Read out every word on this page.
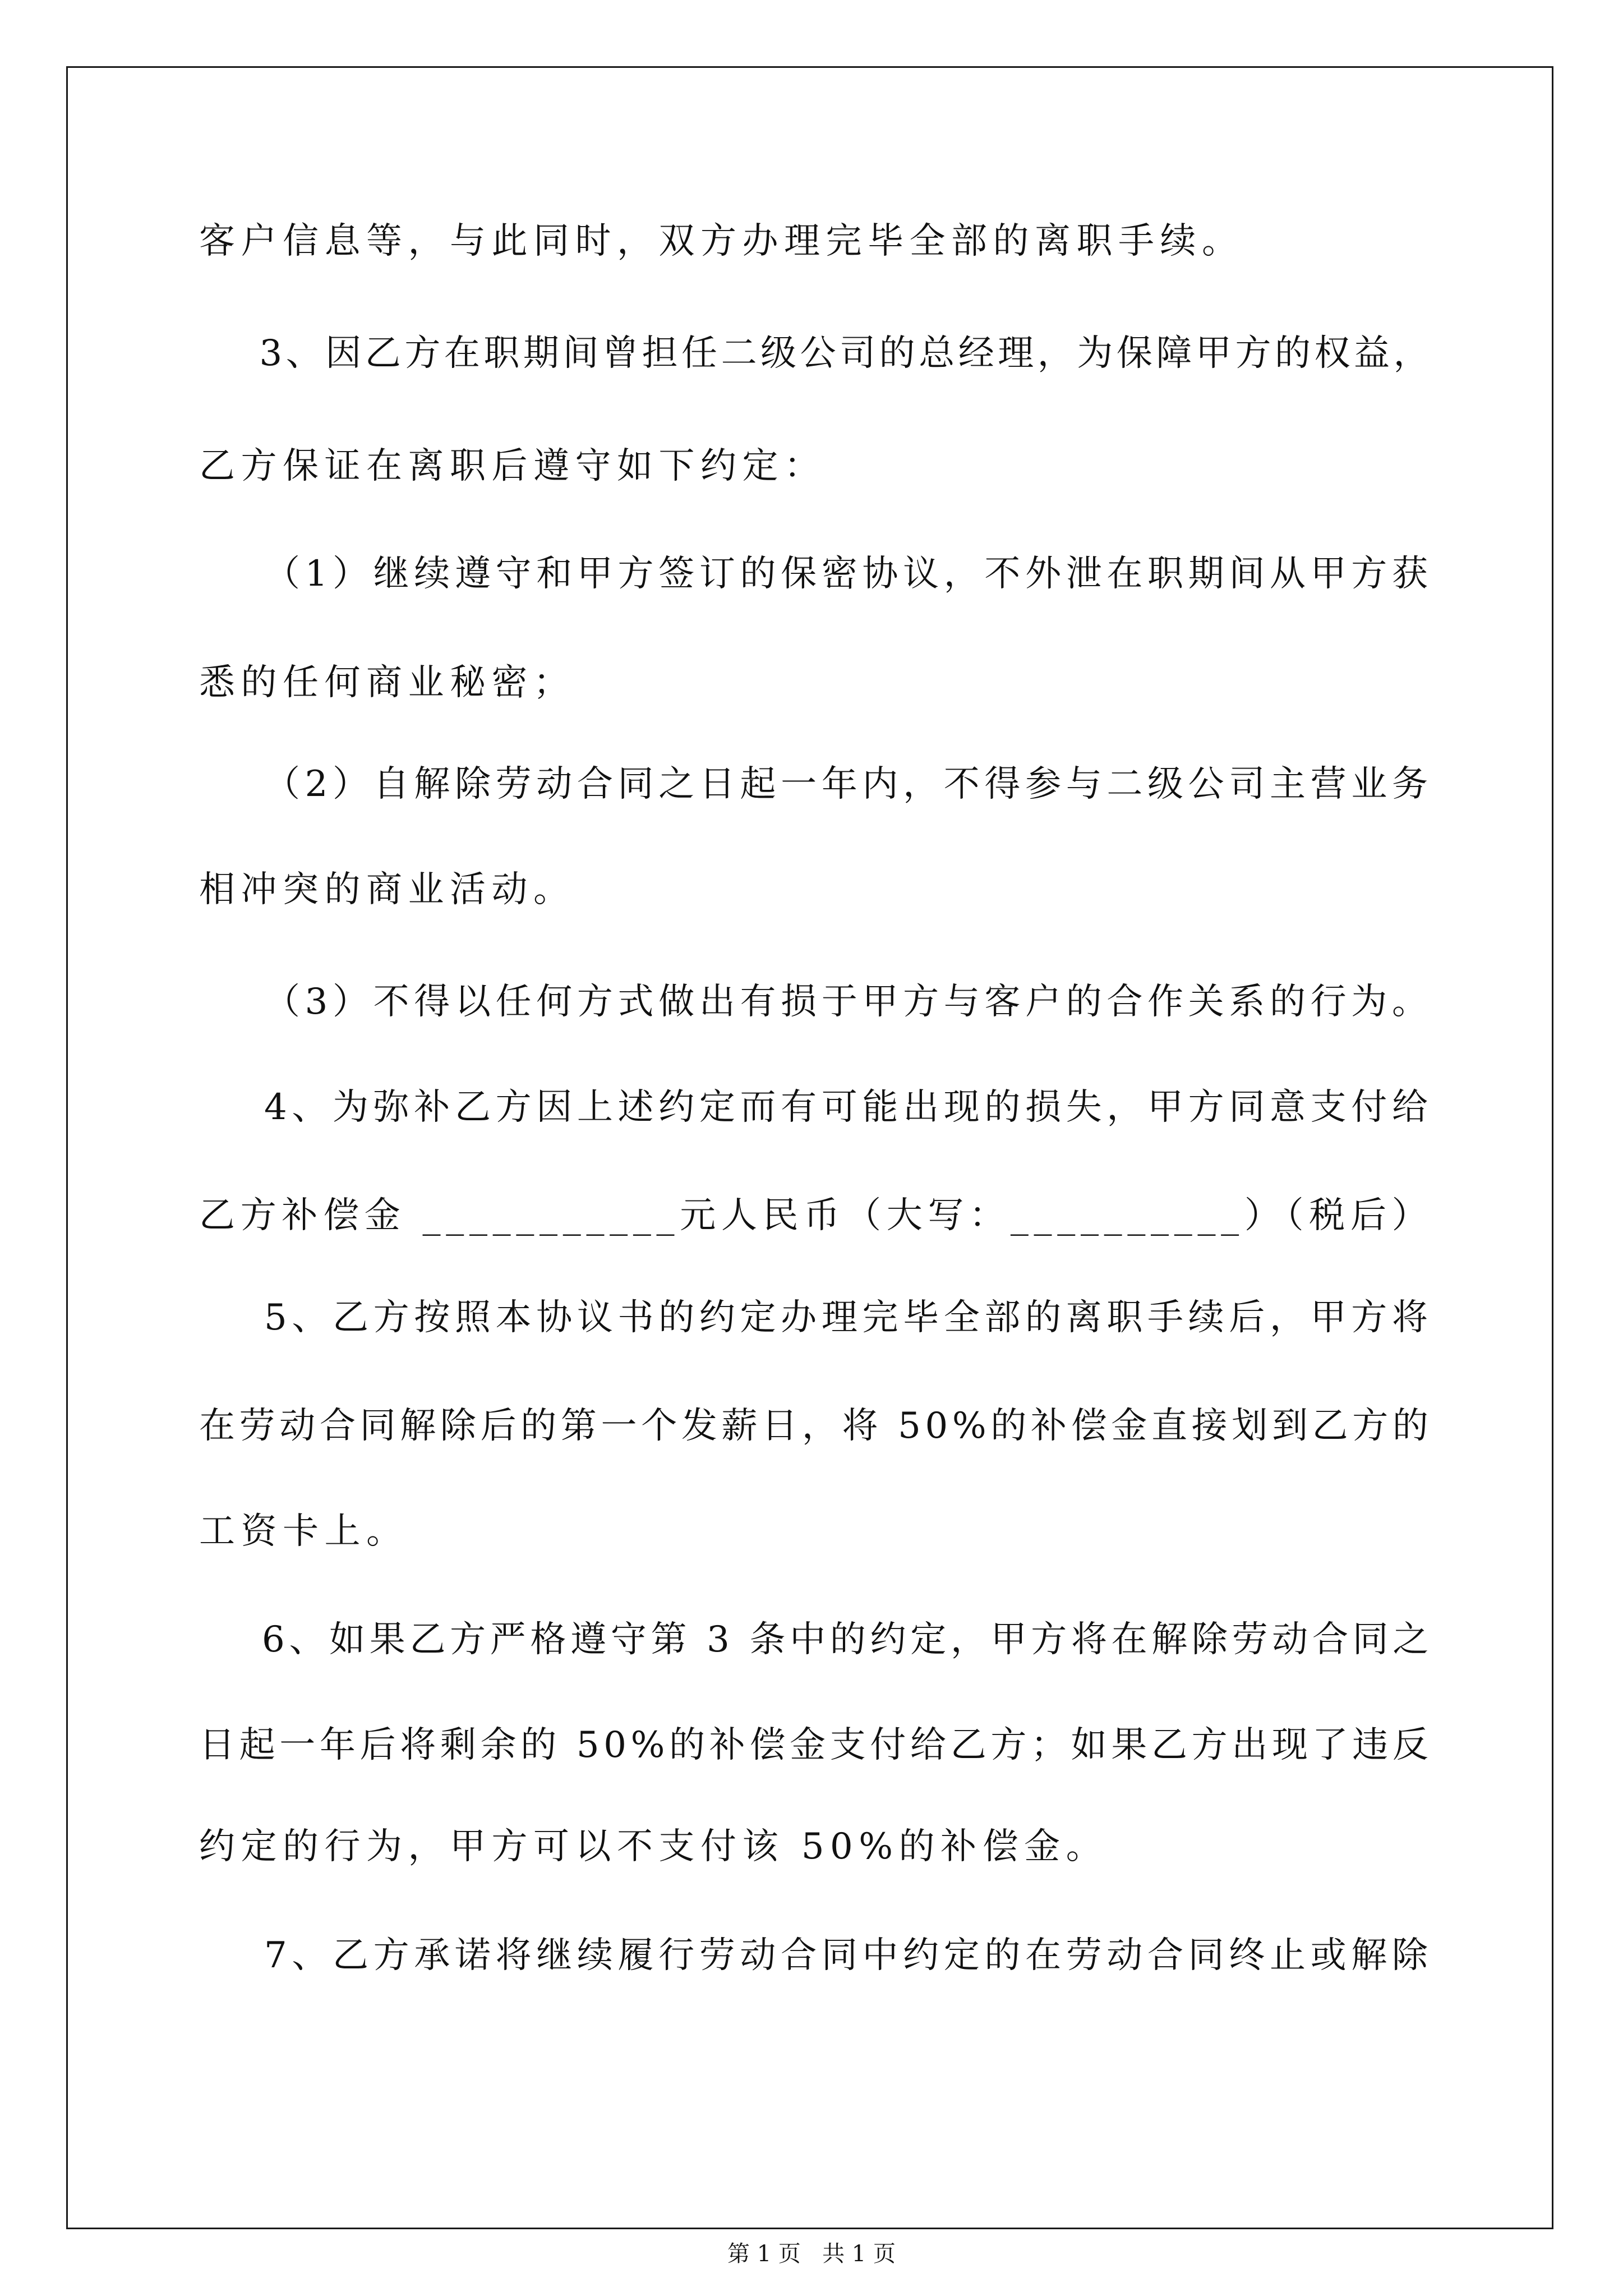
客户信息等，与此同时，双方办理完毕全部的离职手续。
3、因乙方在职期间曾担任二级公司的总经理，为保障甲方的权益，
乙方保证在离职后遵守如下约定：
（1）继续遵守和甲方签订的保密协议，不外泄在职期间从甲方获
悉的任何商业秘密；
（2）自解除劳动合同之日起一年内，不得参与二级公司主营业务
相冲突的商业活动。
（3）不得以任何方式做出有损于甲方与客户的合作关系的行为。
4、为弥补乙方因上述约定而有可能出现的损失，甲方同意支付给
乙方补偿金 ___________元人民币（大写：__________）（税后）
5、乙方按照本协议书的约定办理完毕全部的离职手续后，甲方将
在劳动合同解除后的第一个发薪日，将 50%的补偿金直接划到乙方的
工资卡上。
6、如果乙方严格遵守第 3 条中的约定，甲方将在解除劳动合同之
日起一年后将剩余的 50%的补偿金支付给乙方；如果乙方出现了违反
约定的行为，甲方可以不支付该 50%的补偿金。
7、乙方承诺将继续履行劳动合同中约定的在劳动合同终止或解除
第 1 页   共 1 页
